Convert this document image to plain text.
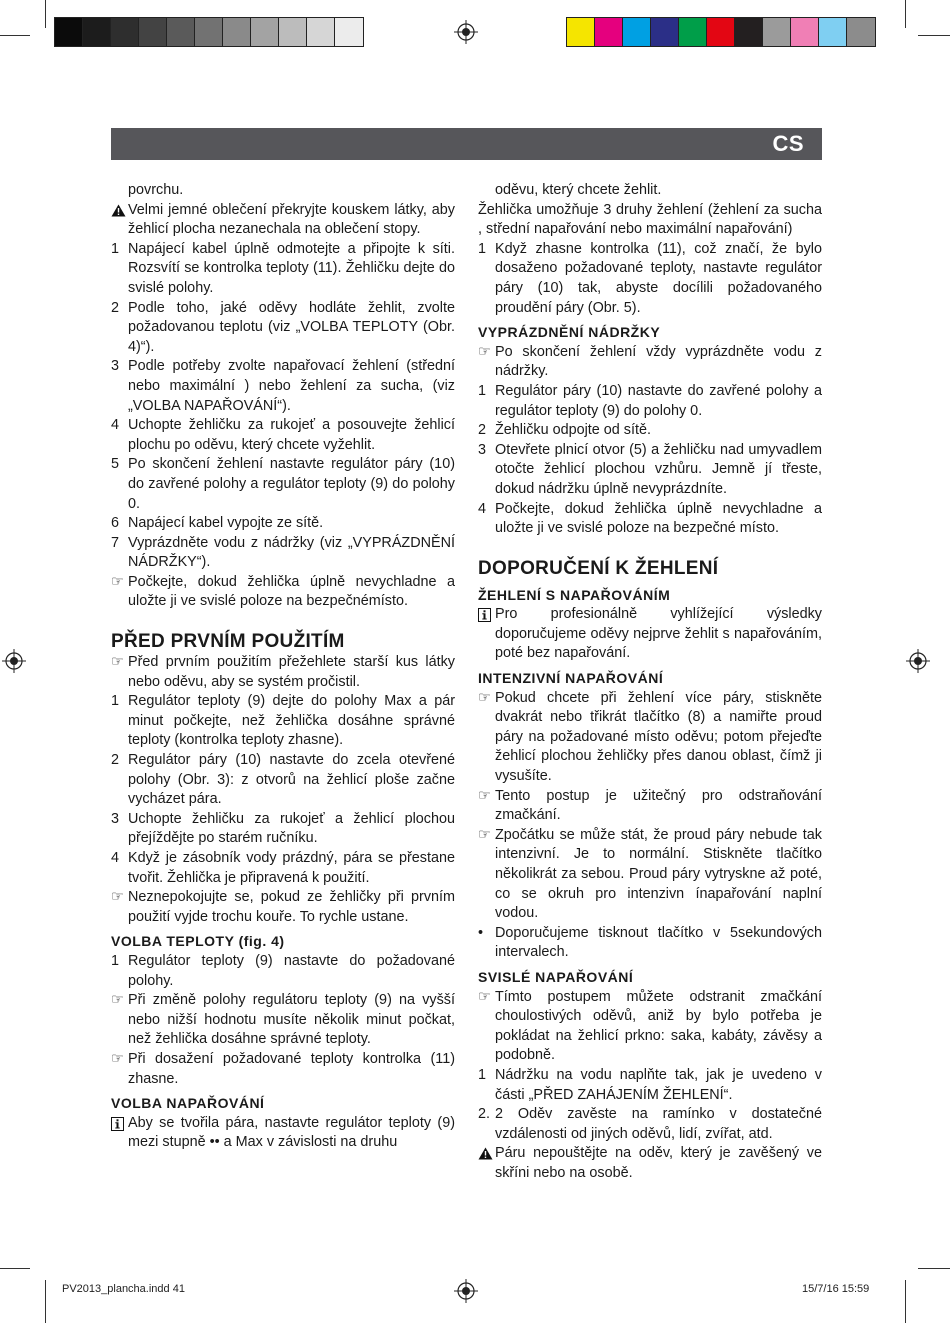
CS

povrchu.

Velmi jemné oblečení překryjte kouskem látky, aby žehlicí plocha nezanechala na oblečení stopy.
1 Napájecí kabel úplně odmotejte a připojte k síti. Rozsvítí se kontrolka teploty (11). Žehličku dejte do svislé polohy.
2 Podle toho, jaké oděvy hodláte žehlit, zvolte požadovanou teplotu (viz „VOLBA TEPLOTY (Obr. 4)“).
3 Podle potřeby zvolte napařovací žehlení (střední nebo maximální ) nebo žehlení za sucha, (viz „VOLBA NAPAŘOVÁNÍ“).
4 Uchopte žehličku za rukojeť a posouvejte žehlicí plochu po oděvu, který chcete vyžehlit.
5 Po skončení žehlení nastavte regulátor páry (10) do zavřené polohy a regulátor teploty (9) do polohy 0.
6 Napájecí kabel vypojte ze sítě.
7 Vyprázdněte vodu z nádržky (viz „VYPRÁZDNĚNÍ NÁDRŽKY“).
☞ Počkejte, dokud žehlička úplně nevychladne a uložte ji ve svislé poloze na bezpečnémísto.

PŘED PRVNÍM POUŽITÍM

☞ Před prvním použitím přežehlete starší kus látky nebo oděvu, aby se systém pročistil.
1 Regulátor teploty (9) dejte do polohy Max a pár minut počkejte, než žehlička dosáhne správné teploty (kontrolka teploty zhasne).
2 Regulátor páry (10) nastavte do zcela otevřené polohy (Obr. 3): z otvorů na žehlicí ploše začne vycházet pára.
3 Uchopte žehličku za rukojeť a žehlicí plochou přejíždějte po starém ručníku.
4 Když je zásobník vody prázdný, pára se přestane tvořit. Žehlička je připravená k použití.
☞ Neznepokojujte se, pokud ze žehličky při prvním použití vyjde trochu kouře. To rychle ustane.

VOLBA TEPLOTY (fig. 4)

1 Regulátor teploty (9) nastavte do požadované polohy.
☞ Při změně polohy regulátoru teploty (9) na vyšší nebo nižší hodnotu musíte několik minut počkat, než žehlička dosáhne správné teploty.
☞ Při dosažení požadované teploty kontrolka (11) zhasne.

VOLBA NAPAŘOVÁNÍ

Aby se tvořila pára, nastavte regulátor teploty (9) mezi stupně •• a Max v závislosti na druhu

oděvu, který chcete žehlit.

Žehlička umožňuje 3 druhy žehlení (žehlení za sucha , střední napařování nebo maximální napařování)

1 Když zhasne kontrolka (11), což značí, že bylo dosaženo požadované teploty, nastavte regulátor páry (10) tak, abyste docílili požadovaného proudění páry (Obr. 5).

VYPRÁZDNĚNÍ NÁDRŽKY

☞ Po skončení žehlení vždy vyprázdněte vodu z nádržky.
1 Regulátor páry (10) nastavte do zavřené polohy a regulátor teploty (9) do polohy 0.
2 Žehličku odpojte od sítě.
3 Otevřete plnicí otvor (5) a žehličku nad umyvadlem otočte žehlicí plochou vzhůru. Jemně jí třeste, dokud nádržku úplně nevyprázdníte.
4 Počkejte, dokud žehlička úplně nevychladne a uložte ji ve svislé poloze na bezpečné místo.

DOPORUČENÍ K ŽEHLENÍ

ŽEHLENÍ S NAPAŘOVÁNÍM

Pro profesionálně vyhlížející výsledky doporučujeme oděvy nejprve žehlit s napařováním, poté bez napařování.

INTENZIVNÍ NAPAŘOVÁNÍ

☞ Pokud chcete při žehlení více páry, stiskněte dvakrát nebo třikrát tlačítko (8) a namiřte proud páry na požadované místo oděvu; potom přejeďte žehlicí plochou žehličky přes danou oblast, čímž ji vysušíte.
☞ Tento postup je užitečný pro odstraňování zmačkání.
☞ Zpočátku se může stát, že proud páry nebude tak intenzivní. Je to normální. Stiskněte tlačítko několikrát za sebou. Proud páry vytryskne až poté, co se okruh pro intenzivn ínapařování naplní vodou.
• Doporučujeme tisknout tlačítko v 5sekundových intervalech.

SVISLÉ NAPAŘOVÁNÍ

☞ Tímto postupem můžete odstranit zmačkání choulostivých oděvů, aniž by bylo potřeba je pokládat na žehlicí prkno: saka, kabáty, závěsy a podobně.
1 Nádržku na vodu naplňte tak, jak je uvedeno v části „PŘED ZAHÁJENÍM ŽEHLENÍ“.
2. 2 Oděv zavěste na ramínko v dostatečné vzdálenosti od jiných oděvů, lidí, zvířat, atd.
Páru nepouštějte na oděv, který je zavěšený ve skříni nebo na osobě.
PV2013_plancha.indd 41	15/7/16 15:59
